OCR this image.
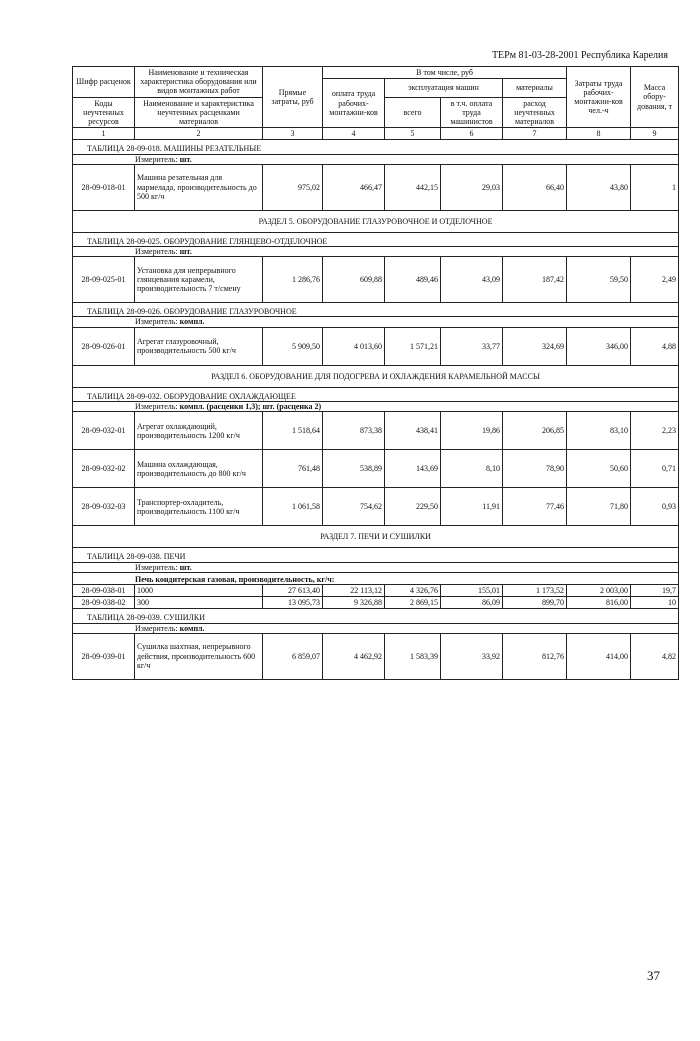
ТЕРм 81-03-28-2001 Республика Карелия
Шифр расценок	Наименование и техническая характеристика оборудования или видов монтажных работ	Прямые затраты, руб	В том числе, руб				Затраты труда рабочих-монтажни-ков чел.-ч	Масса обору-дования, т
			оплата труда рабочих-монтажни-ков	эксплуатация машин		материалы		
Коды неучтенных ресурсов	Наименование и характеристика неучтенных расценками материалов			всего	в т.ч. оплата труда машинистов	расход неучтенных материалов		

1	2	3	4	5	6	7	8	9
ТАБЛИЦА 28-09-018. МАШИНЫ РЕЗАТЕЛЬНЫЕ								
Измеритель: шт.								
28-09-018-01	Машина резательная для мармелада, производительность до 500 кг/ч	975,02	466,47	442,15	29,03	66,40	43,80	1
РАЗДЕЛ 5. ОБОРУДОВАНИЕ ГЛАЗУРОВОЧНОЕ И ОТДЕЛОЧНОЕ								
ТАБЛИЦА 28-09-025. ОБОРУДОВАНИЕ ГЛЯНЦЕВО-ОТДЕЛОЧНОЕ								
Измеритель: шт.								
28-09-025-01	Установка для непрерывного глянцевания карамели, производительность 7 т/смену	1 286,76	609,88	489,46	43,09	187,42	59,50	2,49
ТАБЛИЦА 28-09-026. ОБОРУДОВАНИЕ ГЛАЗУРОВОЧНОЕ								
Измеритель: компл.								
28-09-026-01	Агрегат глазуровочный, производительность 500 кг/ч	5 909,50	4 013,60	1 571,21	33,77	324,69	346,00	4,88
РАЗДЕЛ 6. ОБОРУДОВАНИЕ ДЛЯ ПОДОГРЕВА И ОХЛАЖДЕНИЯ КАРАМЕЛЬНОЙ МАССЫ								
ТАБЛИЦА 28-09-032. ОБОРУДОВАНИЕ ОХЛАЖДАЮЩЕЕ								
Измеритель: компл. (расценки 1,3); шт. (расценка 2)								
28-09-032-01	Агрегат охлаждающий, производительность 1200 кг/ч	1 518,64	873,38	438,41	19,86	206,85	83,10	2,23
28-09-032-02	Машина охлаждающая, производительность до 800 кг/ч	761,48	538,89	143,69	8,10	78,90	50,60	0,71
28-09-032-03	Транспортер-охладитель, производительность 1100 кг/ч	1 061,58	754,62	229,50	11,91	77,46	71,80	0,93
РАЗДЕЛ 7. ПЕЧИ И СУШИЛКИ								
ТАБЛИЦА 28-09-038. ПЕЧИ								
Измеритель: шт.								
Печь кондитерская газовая, производительность, кг/ч:								
28-09-038-01	1000	27 613,40	22 113,12	4 326,76	155,01	1 173,52	2 003,00	19,7
28-09-038-02	300	13 095,73	9 326,88	2 869,15	86,09	899,70	816,00	10
ТАБЛИЦА 28-09-039. СУШИЛКИ								
Измеритель: компл.								
28-09-039-01	Сушилка шахтная, непрерывного действия, производительность 600 кг/ч	6 859,07	4 462,92	1 583,39	33,92	812,76	414,00	4,82
37
